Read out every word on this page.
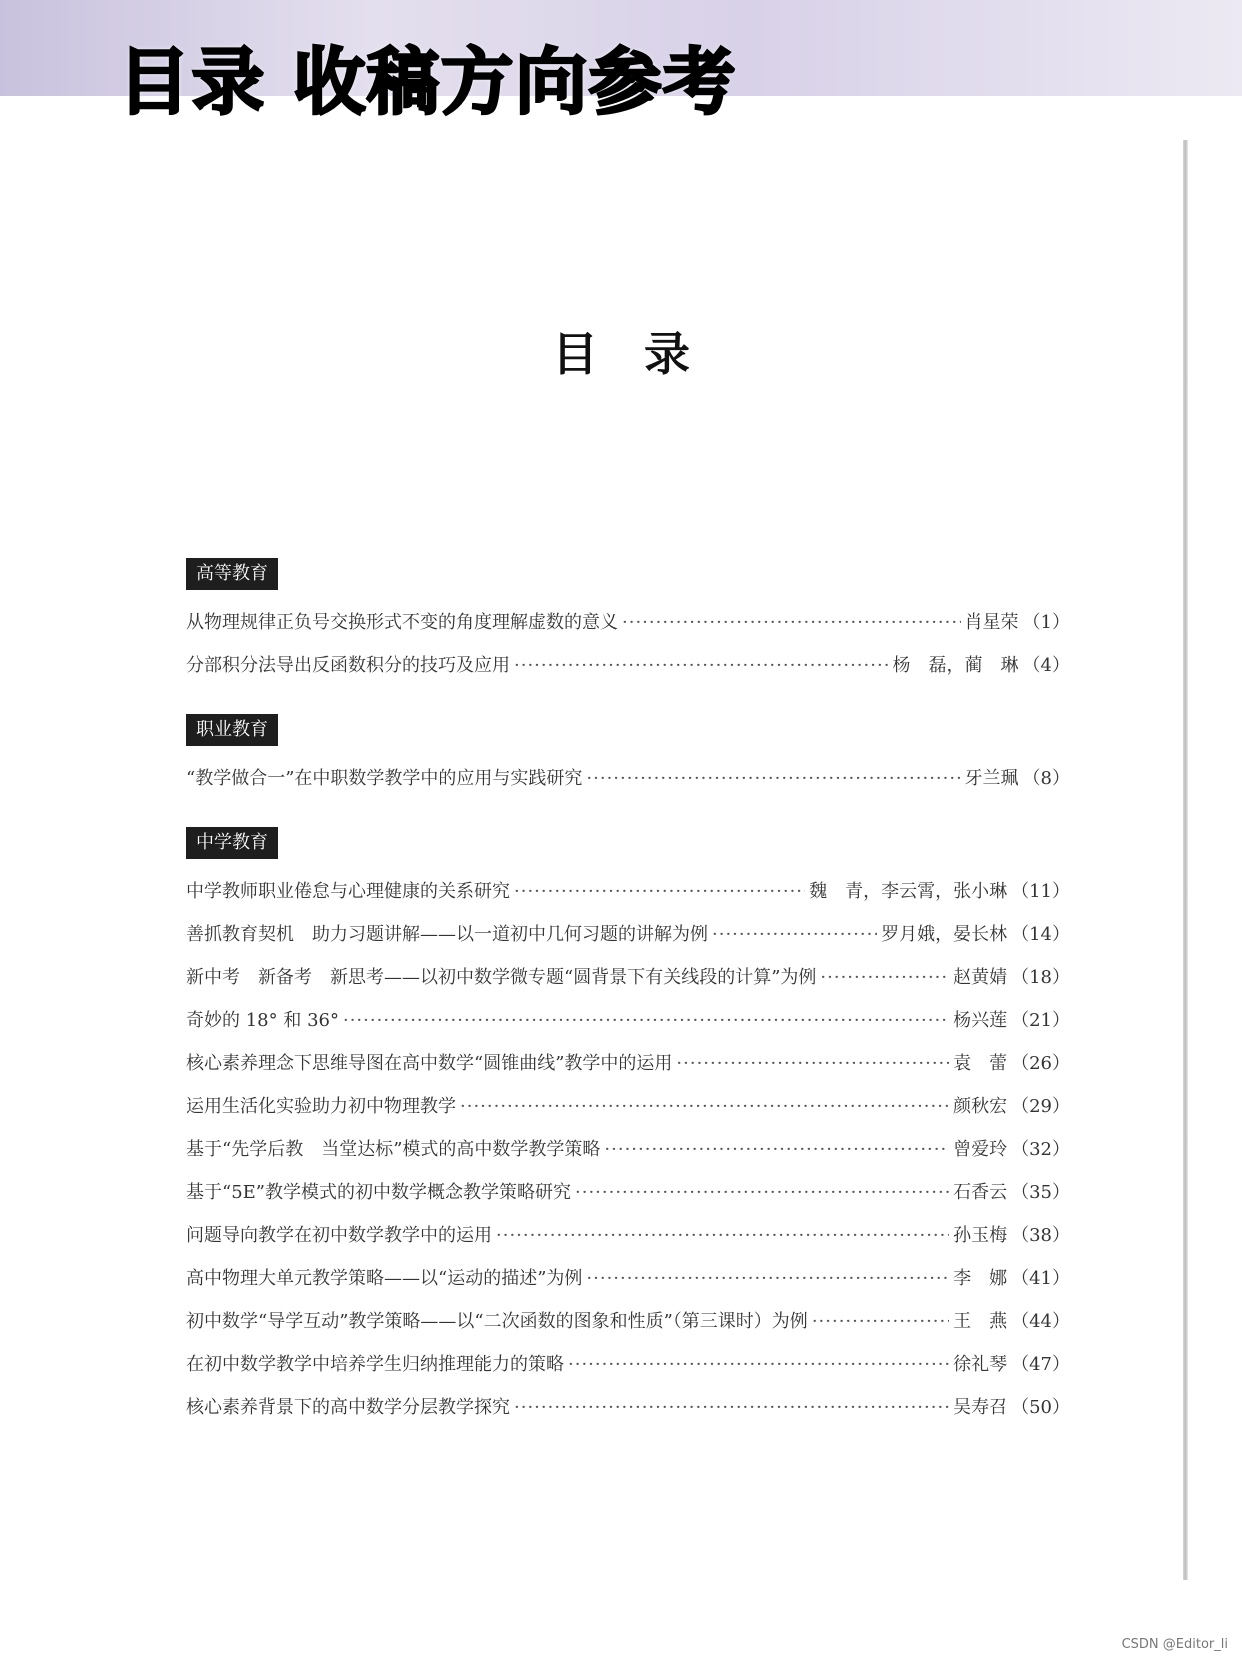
目录 收稿方向参考
目录
高等教育
从物理规律正负号交换形式不变的角度理解虚数的意义 ·····	肖星荣 （1）
分部积分法导出反函数积分的技巧及应用 ·····	杨　磊，蔺　琳 （4）
职业教育
“教学做合一”在中职数学教学中的应用与实践研究 ·····	牙兰珮 （8）
中学教育
中学教师职业倦怠与心理健康的关系研究 ·····	魏　青，李云霄，张小琳 （11）
善抓教育契机　助力习题讲解——以一道初中几何习题的讲解为例 ·····	罗月娥，晏长林 （14）
新中考　新备考　新思考——以初中数学微专题“圆背景下有关线段的计算”为例 ·····	赵黄婧 （18）
奇妙的 18° 和 36° ·····	杨兴莲 （21）
核心素养理念下思维导图在高中数学“圆锥曲线”教学中的运用 ·····	袁　蕾 （26）
运用生活化实验助力初中物理教学 ·····	颜秋宏 （29）
基于“先学后教　当堂达标”模式的高中数学教学策略 ·····	曾爱玲 （32）
基于“5E”教学模式的初中数学概念教学策略研究 ·····	石香云 （35）
问题导向教学在初中数学教学中的运用 ·····	孙玉梅 （38）
高中物理大单元教学策略——以“运动的描述”为例 ·····	李　娜 （41）
初中数学“导学互动”教学策略——以“二次函数的图象和性质”（第三课时）为例 ·····	王　燕 （44）
在初中数学教学中培养学生归纳推理能力的策略 ·····	徐礼琴 （47）
核心素养背景下的高中数学分层教学探究 ·····	吴寿召 （50）
CSDN @Editor_li
